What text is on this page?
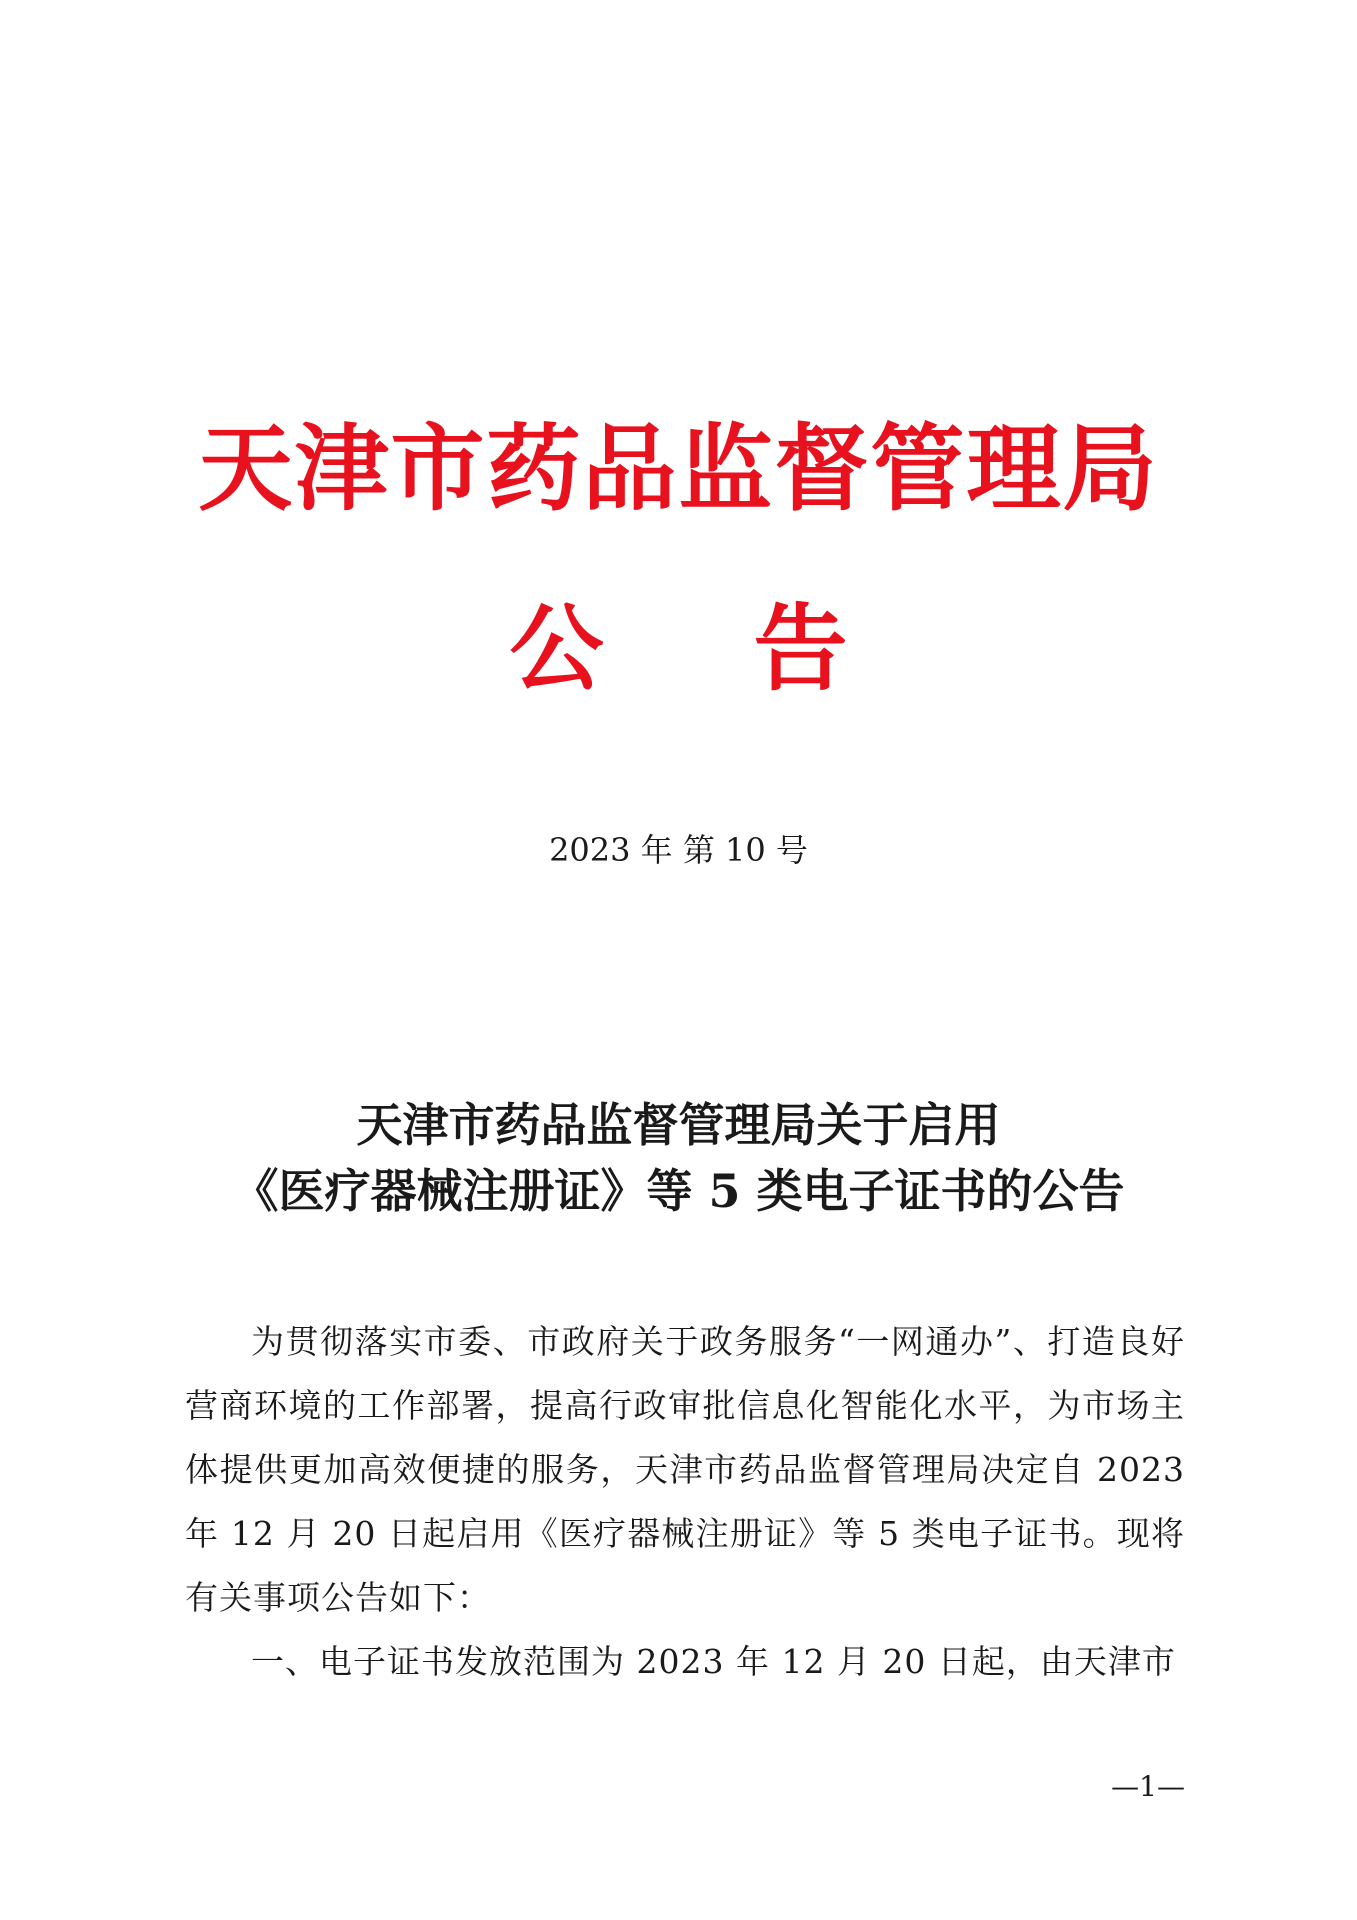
天津市药品监督管理局
公 告
2023 年 第 10 号
天津市药品监督管理局关于启用
《医疗器械注册证》等 5 类电子证书的公告

为贯彻落实市委、市政府关于政务服务“一网通办”、打造良好营商环境的工作部署，提高行政审批信息化智能化水平，为市场主体提供更加高效便捷的服务，天津市药品监督管理局决定自 2023 年 12 月 20 日起启用《医疗器械注册证》等 5 类电子证书。现将有关事项公告如下：

一、电子证书发放范围为 2023 年 12 月 20 日起，由天津市

—1—
